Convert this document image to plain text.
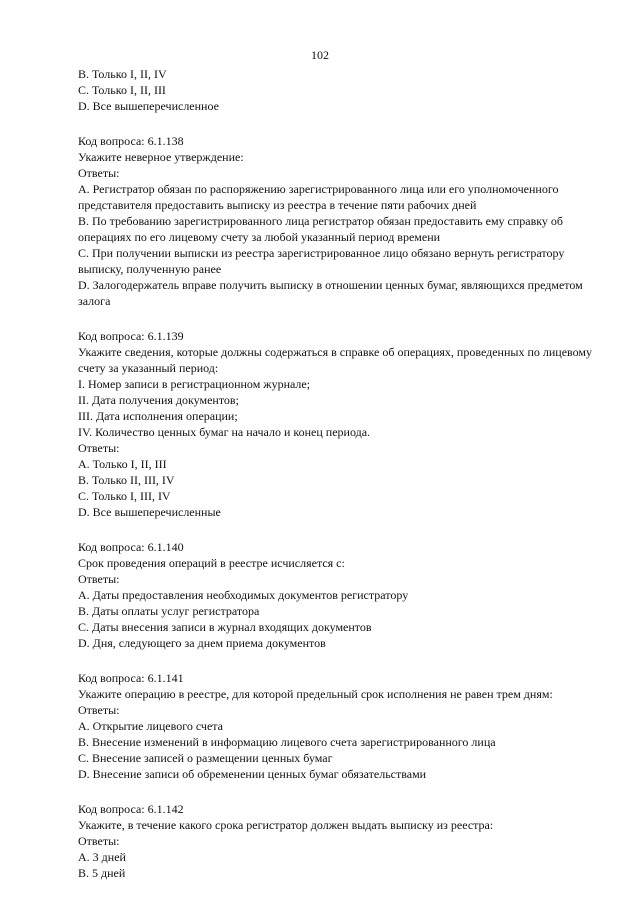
102
B. Только I, II, IV
C. Только I, II, III
D. Все вышеперечисленное
Код вопроса: 6.1.138
Укажите неверное утверждение:
Ответы:
A. Регистратор обязан по распоряжению зарегистрированного лица или его уполномоченного представителя предоставить выписку из реестра в течение пяти рабочих дней
B. По требованию зарегистрированного лица регистратор обязан предоставить ему справку об операциях по его лицевому счету за любой указанный период времени
C. При получении выписки из реестра зарегистрированное лицо обязано вернуть регистратору выписку, полученную ранее
D. Залогодержатель вправе получить выписку в отношении ценных бумаг, являющихся предметом залога
Код вопроса: 6.1.139
Укажите сведения, которые должны содержаться в справке об операциях, проведенных по лицевому счету за указанный период:
I. Номер записи в регистрационном журнале;
II. Дата получения документов;
III. Дата исполнения операции;
IV. Количество ценных бумаг на начало и конец периода.
Ответы:
A. Только I, II, III
B. Только II, III, IV
C. Только I, III, IV
D. Все вышеперечисленные
Код вопроса: 6.1.140
Срок проведения операций в реестре исчисляется с:
Ответы:
A. Даты предоставления необходимых документов регистратору
B. Даты оплаты услуг регистратора
C. Даты внесения записи в журнал входящих документов
D. Дня, следующего за днем приема документов
Код вопроса: 6.1.141
Укажите операцию в реестре, для которой предельный срок исполнения не равен трем дням:
Ответы:
A. Открытие лицевого счета
B. Внесение изменений в информацию лицевого счета зарегистрированного лица
C. Внесение записей о размещении ценных бумаг
D. Внесение записи об обременении ценных бумаг обязательствами
Код вопроса: 6.1.142
Укажите, в течение какого срока регистратор должен выдать выписку из реестра:
Ответы:
A. 3 дней
B. 5 дней
